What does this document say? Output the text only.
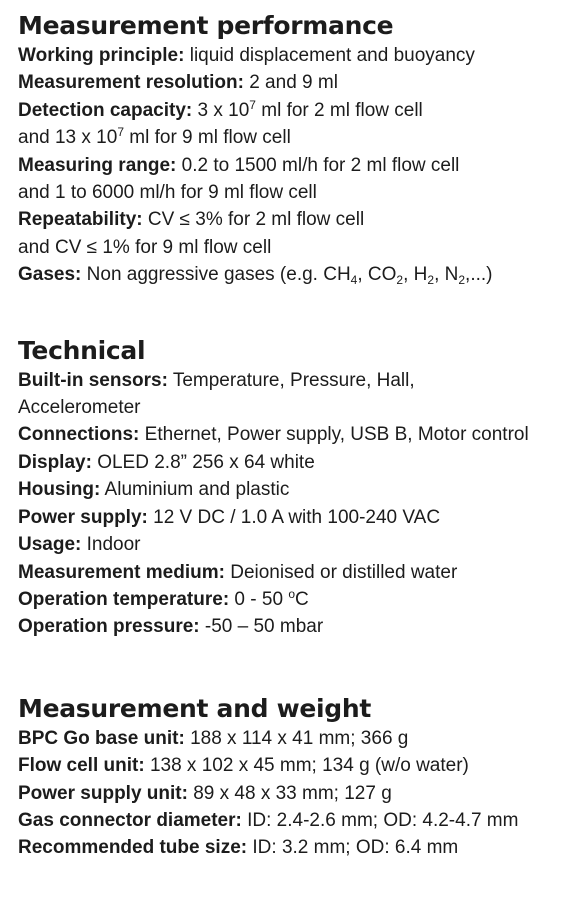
Measurement performance

Working principle: liquid displacement and buoyancy

Measurement resolution: 2 and 9 ml

Detection capacity: 3 x $10^7$ ml for 2 ml flow cell

and 13 x $10^7$ ml for 9 ml flow cell

Measuring range: 0.2 to 1500 ml/h for 2 ml flow cell

and 1 to 6000 ml/h for 9 ml flow cell

Repeatability: CV ≤ 3% for 2 ml flow cell

and CV ≤ 1% for 9 ml flow cell

Gases: Non aggressive gases (e.g. $CH_4$, $CO_2$, $H_2$, $N_2$,...)

Technical

Built-in sensors: Temperature, Pressure, Hall,

Accelerometer

Connections: Ethernet, Power supply, USB B, Motor control

Display: OLED 2.8” 256 x 64 white

Housing: Aluminium and plastic

Power supply: 12 V DC / 1.0 A with 100-240 VAC

Usage: Indoor

Measurement medium: Deionised or distilled water

Operation temperature: 0 - 50 $^o$C

Operation pressure: -50 – 50 mbar

Measurement and weight

BPC Go base unit: 188 x 114 x 41 mm; 366 g

Flow cell unit: 138 x 102 x 45 mm; 134 g (w/o water)

Power supply unit: 89 x 48 x 33 mm; 127 g

Gas connector diameter: ID: 2.4-2.6 mm; OD: 4.2-4.7 mm

Recommended tube size: ID: 3.2 mm; OD: 6.4 mm
